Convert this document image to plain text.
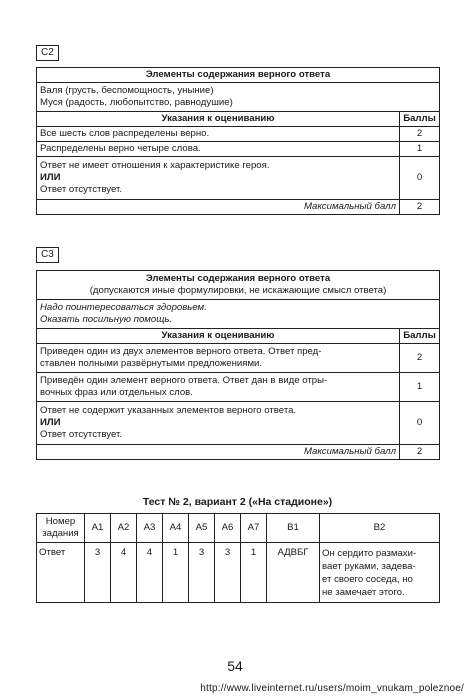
С2
Элементы содержания верного ответа	

Валя (грусть, беспомощность, уныние)
Муся (радость, любопытство, равнодушие)	

Указания к оцениванию	Баллы
Все шесть слов распределены верно.	2
Распределены верно четыре слова.	1

Ответ не имеет отношения к характеристике героя.
ИЛИ
Ответ отсутствует.	0
Максимальный балл	2
С3
Элементы содержания верного ответа
(допускаются иные формулировки, не искажающие смысл ответа)	

Надо поинтересоваться здоровьем.
Оказать посильную помощь.	

Указания к оцениванию	Баллы

Приведен один из двух элементов верного ответа. Ответ пред-
ставлен полными развёрнутыми предложениями.	2

Приведён один элемент верного ответа. Ответ дан в виде отры-
вочных фраз или отдельных слов.	1

Ответ не содержит указанных элементов верного ответа.
ИЛИ
Ответ отсутствует.	0
Максимальный балл	2
Тест № 2, вариант 2 («На стадионе»)
Номер
задания	А1	А2	А3	А4	А5	А6	А7	В1	В2
Ответ	3	4	4	1	3	3	1	АДВБГ	Он сердито размахи-
вает руками, задева-
ет своего соседа, но
не замечает этого.
54
http://www.liveinternet.ru/users/moim_vnukam_poleznoe/
